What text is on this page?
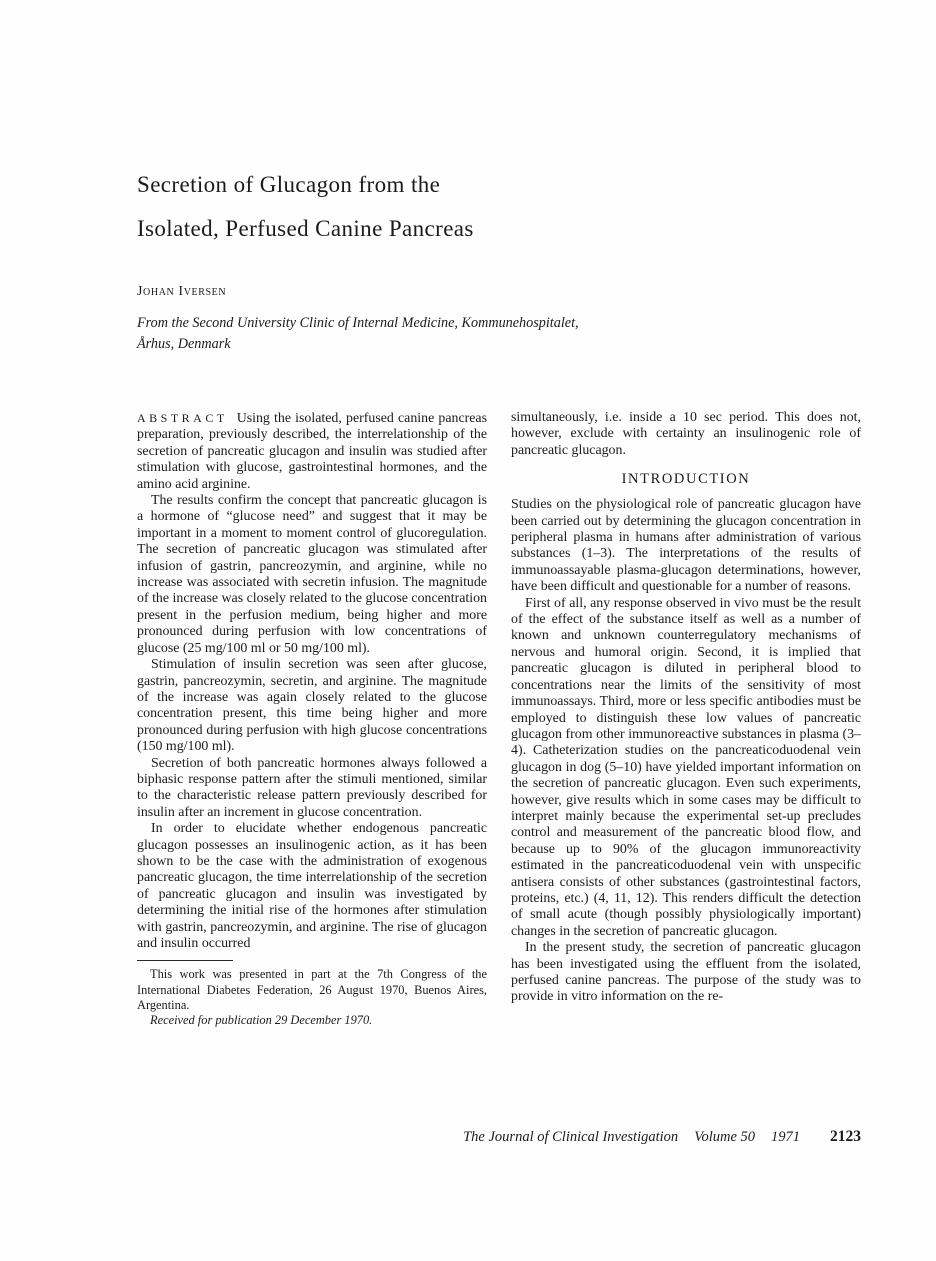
Secretion of Glucagon from the
Isolated, Perfused Canine Pancreas
Johan Iversen
From the Second University Clinic of Internal Medicine, Kommunehospitalet,
Århus, Denmark

ABSTRACT Using the isolated, perfused canine pancreas preparation, previously described, the interrelationship of the secretion of pancreatic glucagon and insulin was studied after stimulation with glucose, gastrointestinal hormones, and the amino acid arginine.

The results confirm the concept that pancreatic glucagon is a hormone of “glucose need” and suggest that it may be important in a moment to moment control of glucoregulation. The secretion of pancreatic glucagon was stimulated after infusion of gastrin, pancreozymin, and arginine, while no increase was associated with secretin infusion. The magnitude of the increase was closely related to the glucose concentration present in the perfusion medium, being higher and more pronounced during perfusion with low concentrations of glucose (25 mg/100 ml or 50 mg/100 ml).

Stimulation of insulin secretion was seen after glucose, gastrin, pancreozymin, secretin, and arginine. The magnitude of the increase was again closely related to the glucose concentration present, this time being higher and more pronounced during perfusion with high glucose concentrations (150 mg/100 ml).

Secretion of both pancreatic hormones always followed a biphasic response pattern after the stimuli mentioned, similar to the characteristic release pattern previously described for insulin after an increment in glucose concentration.

In order to elucidate whether endogenous pancreatic glucagon possesses an insulinogenic action, as it has been shown to be the case with the administration of exogenous pancreatic glucagon, the time interrelationship of the secretion of pancreatic glucagon and insulin was investigated by determining the initial rise of the hormones after stimulation with gastrin, pancreozymin, and arginine. The rise of glucagon and insulin occurred

This work was presented in part at the 7th Congress of the International Diabetes Federation, 26 August 1970, Buenos Aires, Argentina.

Received for publication 29 December 1970.

simultaneously, i.e. inside a 10 sec period. This does not, however, exclude with certainty an insulinogenic role of pancreatic glucagon.

INTRODUCTION

Studies on the physiological role of pancreatic glucagon have been carried out by determining the glucagon concentration in peripheral plasma in humans after administration of various substances (1–3). The interpretations of the results of immunoassayable plasma-glucagon determinations, however, have been difficult and questionable for a number of reasons.

First of all, any response observed in vivo must be the result of the effect of the substance itself as well as a number of known and unknown counterregulatory mechanisms of nervous and humoral origin. Second, it is implied that pancreatic glucagon is diluted in peripheral blood to concentrations near the limits of the sensitivity of most immunoassays. Third, more or less specific antibodies must be employed to distinguish these low values of pancreatic glucagon from other immunoreactive substances in plasma (3–4). Catheterization studies on the pancreaticoduodenal vein glucagon in dog (5–10) have yielded important information on the secretion of pancreatic glucagon. Even such experiments, however, give results which in some cases may be difficult to interpret mainly because the experimental set-up precludes control and measurement of the pancreatic blood flow, and because up to 90% of the glucagon immunoreactivity estimated in the pancreaticoduodenal vein with unspecific antisera consists of other substances (gastrointestinal factors, proteins, etc.) (4, 11, 12). This renders difficult the detection of small acute (though possibly physiologically important) changes in the secretion of pancreatic glucagon.

In the present study, the secretion of pancreatic glucagon has been investigated using the effluent from the isolated, perfused canine pancreas. The purpose of the study was to provide in vitro information on the re-

The Journal of Clinical Investigation Volume 50 1971 2123
